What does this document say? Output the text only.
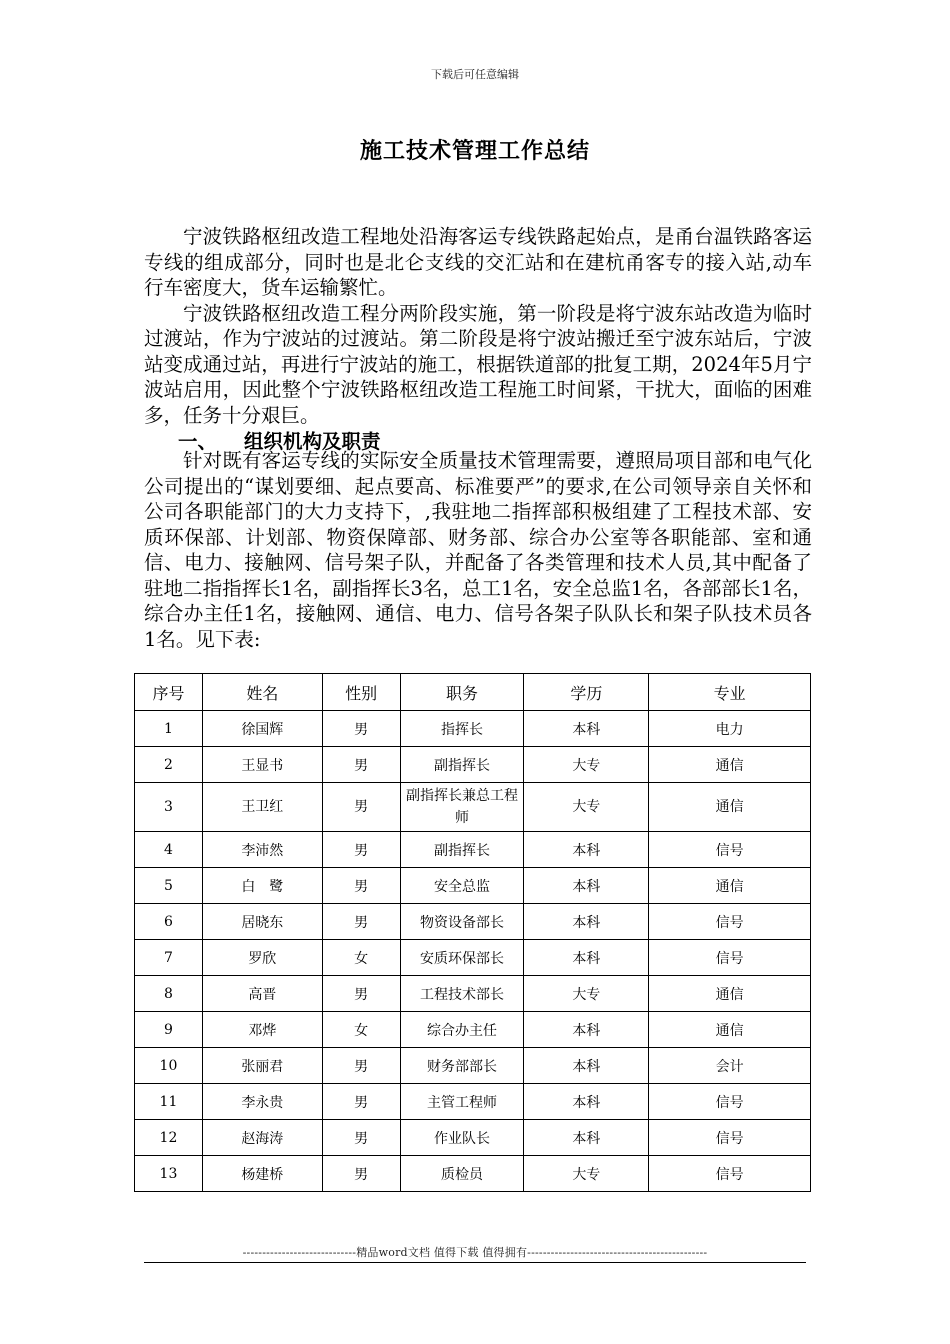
下载后可任意编辑
施工技术管理工作总结

宁波铁路枢纽改造工程地处沿海客运专线铁路起始点，是甬台温铁路客运专线的组成部分，同时也是北仑支线的交汇站和在建杭甬客专的接入站,动车行车密度大，货车运输繁忙。

宁波铁路枢纽改造工程分两阶段实施，第一阶段是将宁波东站改造为临时过渡站，作为宁波站的过渡站。第二阶段是将宁波站搬迁至宁波东站后，宁波站变成通过站，再进行宁波站的施工，根据铁道部的批复工期，2024年5月宁波站启用，因此整个宁波铁路枢纽改造工程施工时间紧，干扰大，面临的困难多，任务十分艰巨。

一、 组织机构及职责

针对既有客运专线的实际安全质量技术管理需要，遵照局项目部和电气化公司提出的“谋划要细、起点要高、标准要严”的要求,在公司领导亲自关怀和公司各职能部门的大力支持下，,我驻地二指挥部积极组建了工程技术部、安质环保部、计划部、物资保障部、财务部、综合办公室等各职能部、室和通信、电力、接触网、信号架子队，并配备了各类管理和技术人员,其中配备了驻地二指指挥长1名，副指挥长3名，总工1名，安全总监1名，各部部长1名，综合办主任1名，接触网、通信、电力、信号各架子队队长和架子队技术员各1名。见下表:

序号	姓名	性别	职务	学历	专业
1	徐国辉	男	指挥长	本科	电力
2	王显书	男	副指挥长	大专	通信
3	王卫红	男	副指挥长兼总工程师	大专	通信
4	李沛然	男	副指挥长	本科	信号
5	白　鹭	男	安全总监	本科	通信
6	居晓东	男	物资设备部长	本科	信号
7	罗欣	女	安质环保部长	本科	信号
8	高晋	男	工程技术部长	大专	通信
9	邓烨	女	综合办主任	本科	通信
10	张丽君	男	财务部部长	本科	会计
11	李永贵	男	主管工程师	本科	信号
12	赵海涛	男	作业队长	本科	信号
13	杨建桥	男	质检员	大专	信号
-----------------------------精品word文档 值得下载 值得拥有----------------------------------------------
